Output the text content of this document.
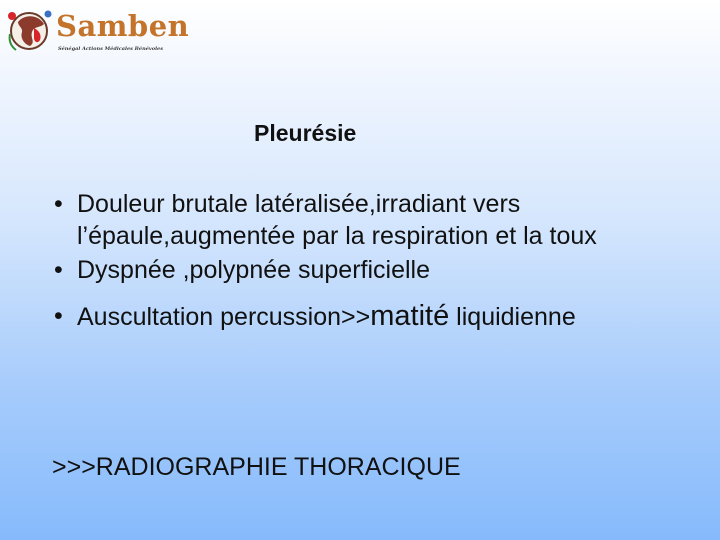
Samben
Sénégal Actions Médicales Bénévoles
Pleurésie
• Douleur brutale latéralisée,irradiant vers l’épaule,augmentée par la respiration et la toux
• Dyspnée ,polypnée superficielle
• Auscultation percussion>>matité liquidienne
>>>RADIOGRAPHIE THORACIQUE
